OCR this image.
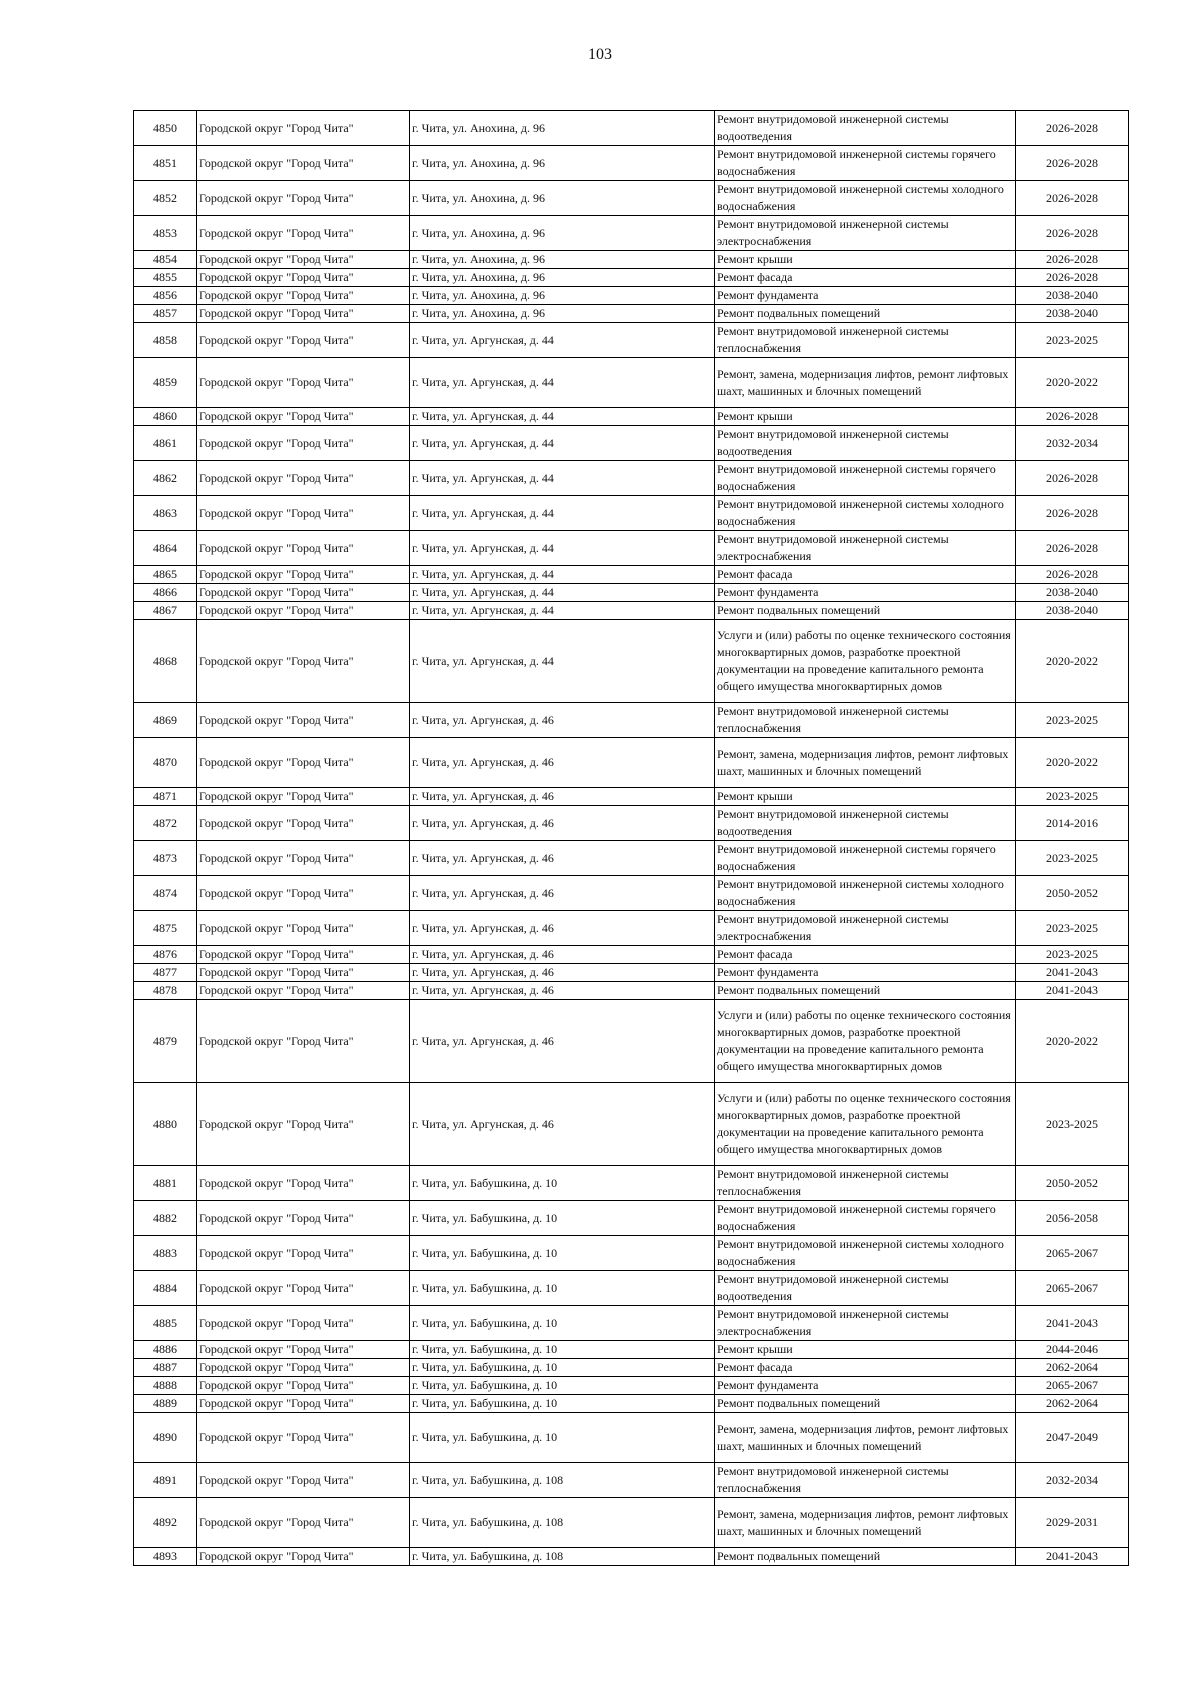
103
4850	Городской округ "Город Чита"	г. Чита, ул. Анохина, д. 96	Ремонт внутридомовой инженерной системы водоотведения	2026-2028
4851	Городской округ "Город Чита"	г. Чита, ул. Анохина, д. 96	Ремонт внутридомовой инженерной системы горячего водоснабжения	2026-2028
4852	Городской округ "Город Чита"	г. Чита, ул. Анохина, д. 96	Ремонт внутридомовой инженерной системы холодного водоснабжения	2026-2028
4853	Городской округ "Город Чита"	г. Чита, ул. Анохина, д. 96	Ремонт внутридомовой инженерной системы электроснабжения	2026-2028
4854	Городской округ "Город Чита"	г. Чита, ул. Анохина, д. 96	Ремонт крыши	2026-2028
4855	Городской округ "Город Чита"	г. Чита, ул. Анохина, д. 96	Ремонт фасада	2026-2028
4856	Городской округ "Город Чита"	г. Чита, ул. Анохина, д. 96	Ремонт фундамента	2038-2040
4857	Городской округ "Город Чита"	г. Чита, ул. Анохина, д. 96	Ремонт подвальных помещений	2038-2040
4858	Городской округ "Город Чита"	г. Чита, ул. Аргунская, д. 44	Ремонт внутридомовой инженерной системы теплоснабжения	2023-2025
4859	Городской округ "Город Чита"	г. Чита, ул. Аргунская, д. 44	Ремонт, замена, модернизация лифтов, ремонт лифтовых шахт, машинных и блочных помещений	2020-2022
4860	Городской округ "Город Чита"	г. Чита, ул. Аргунская, д. 44	Ремонт крыши	2026-2028
4861	Городской округ "Город Чита"	г. Чита, ул. Аргунская, д. 44	Ремонт внутридомовой инженерной системы водоотведения	2032-2034
4862	Городской округ "Город Чита"	г. Чита, ул. Аргунская, д. 44	Ремонт внутридомовой инженерной системы горячего водоснабжения	2026-2028
4863	Городской округ "Город Чита"	г. Чита, ул. Аргунская, д. 44	Ремонт внутридомовой инженерной системы холодного водоснабжения	2026-2028
4864	Городской округ "Город Чита"	г. Чита, ул. Аргунская, д. 44	Ремонт внутридомовой инженерной системы электроснабжения	2026-2028
4865	Городской округ "Город Чита"	г. Чита, ул. Аргунская, д. 44	Ремонт фасада	2026-2028
4866	Городской округ "Город Чита"	г. Чита, ул. Аргунская, д. 44	Ремонт фундамента	2038-2040
4867	Городской округ "Город Чита"	г. Чита, ул. Аргунская, д. 44	Ремонт подвальных помещений	2038-2040
4868	Городской округ "Город Чита"	г. Чита, ул. Аргунская, д. 44	Услуги и (или) работы по оценке технического состояния многоквартирных домов, разработке проектной документации на проведение капитального ремонта общего имущества многоквартирных домов	2020-2022
4869	Городской округ "Город Чита"	г. Чита, ул. Аргунская, д. 46	Ремонт внутридомовой инженерной системы теплоснабжения	2023-2025
4870	Городской округ "Город Чита"	г. Чита, ул. Аргунская, д. 46	Ремонт, замена, модернизация лифтов, ремонт лифтовых шахт, машинных и блочных помещений	2020-2022
4871	Городской округ "Город Чита"	г. Чита, ул. Аргунская, д. 46	Ремонт крыши	2023-2025
4872	Городской округ "Город Чита"	г. Чита, ул. Аргунская, д. 46	Ремонт внутридомовой инженерной системы водоотведения	2014-2016
4873	Городской округ "Город Чита"	г. Чита, ул. Аргунская, д. 46	Ремонт внутридомовой инженерной системы горячего водоснабжения	2023-2025
4874	Городской округ "Город Чита"	г. Чита, ул. Аргунская, д. 46	Ремонт внутридомовой инженерной системы холодного водоснабжения	2050-2052
4875	Городской округ "Город Чита"	г. Чита, ул. Аргунская, д. 46	Ремонт внутридомовой инженерной системы электроснабжения	2023-2025
4876	Городской округ "Город Чита"	г. Чита, ул. Аргунская, д. 46	Ремонт фасада	2023-2025
4877	Городской округ "Город Чита"	г. Чита, ул. Аргунская, д. 46	Ремонт фундамента	2041-2043
4878	Городской округ "Город Чита"	г. Чита, ул. Аргунская, д. 46	Ремонт подвальных помещений	2041-2043
4879	Городской округ "Город Чита"	г. Чита, ул. Аргунская, д. 46	Услуги и (или) работы по оценке технического состояния многоквартирных домов, разработке проектной документации на проведение капитального ремонта общего имущества многоквартирных домов	2020-2022
4880	Городской округ "Город Чита"	г. Чита, ул. Аргунская, д. 46	Услуги и (или) работы по оценке технического состояния многоквартирных домов, разработке проектной документации на проведение капитального ремонта общего имущества многоквартирных домов	2023-2025
4881	Городской округ "Город Чита"	г. Чита, ул. Бабушкина, д. 10	Ремонт внутридомовой инженерной системы теплоснабжения	2050-2052
4882	Городской округ "Город Чита"	г. Чита, ул. Бабушкина, д. 10	Ремонт внутридомовой инженерной системы горячего водоснабжения	2056-2058
4883	Городской округ "Город Чита"	г. Чита, ул. Бабушкина, д. 10	Ремонт внутридомовой инженерной системы холодного водоснабжения	2065-2067
4884	Городской округ "Город Чита"	г. Чита, ул. Бабушкина, д. 10	Ремонт внутридомовой инженерной системы водоотведения	2065-2067
4885	Городской округ "Город Чита"	г. Чита, ул. Бабушкина, д. 10	Ремонт внутридомовой инженерной системы электроснабжения	2041-2043
4886	Городской округ "Город Чита"	г. Чита, ул. Бабушкина, д. 10	Ремонт крыши	2044-2046
4887	Городской округ "Город Чита"	г. Чита, ул. Бабушкина, д. 10	Ремонт фасада	2062-2064
4888	Городской округ "Город Чита"	г. Чита, ул. Бабушкина, д. 10	Ремонт фундамента	2065-2067
4889	Городской округ "Город Чита"	г. Чита, ул. Бабушкина, д. 10	Ремонт подвальных помещений	2062-2064
4890	Городской округ "Город Чита"	г. Чита, ул. Бабушкина, д. 10	Ремонт, замена, модернизация лифтов, ремонт лифтовых шахт, машинных и блочных помещений	2047-2049
4891	Городской округ "Город Чита"	г. Чита, ул. Бабушкина, д. 108	Ремонт внутридомовой инженерной системы теплоснабжения	2032-2034
4892	Городской округ "Город Чита"	г. Чита, ул. Бабушкина, д. 108	Ремонт, замена, модернизация лифтов, ремонт лифтовых шахт, машинных и блочных помещений	2029-2031
4893	Городской округ "Город Чита"	г. Чита, ул. Бабушкина, д. 108	Ремонт подвальных помещений	2041-2043
